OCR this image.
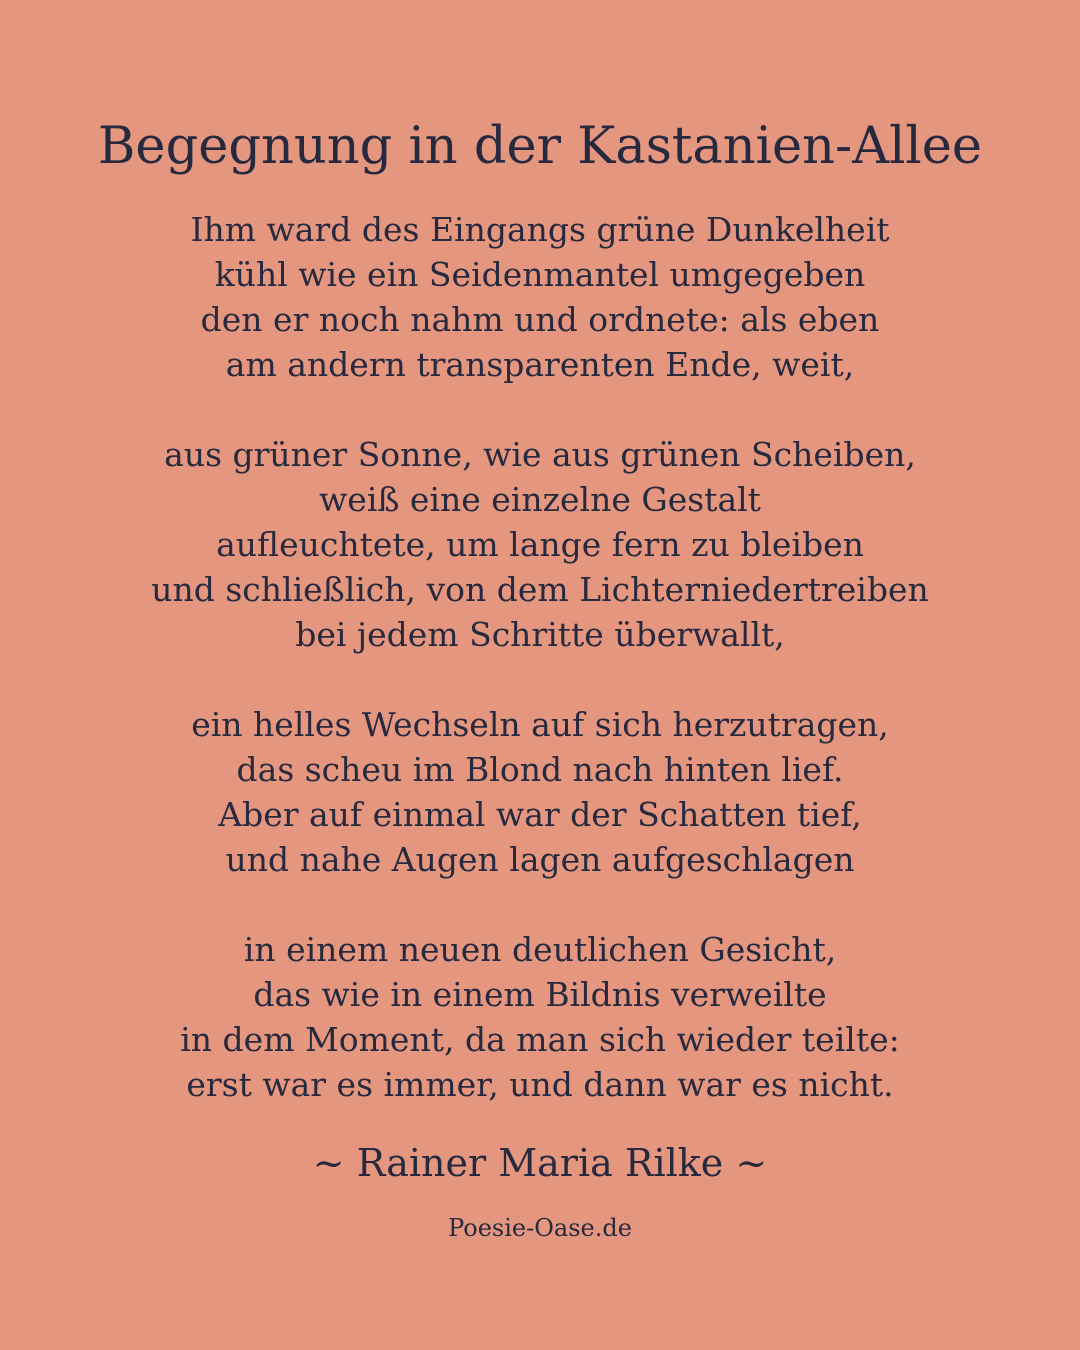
Begegnung in der Kastanien-Allee
Ihm ward des Eingangs grüne Dunkelheit
kühl wie ein Seidenmantel umgegeben
den er noch nahm und ordnete: als eben
am andern transparenten Ende, weit,
aus grüner Sonne, wie aus grünen Scheiben,
weiß eine einzelne Gestalt
aufleuchtete, um lange fern zu bleiben
und schließlich, von dem Lichterniedertreiben
bei jedem Schritte überwallt,
ein helles Wechseln auf sich herzutragen,
das scheu im Blond nach hinten lief.
Aber auf einmal war der Schatten tief,
und nahe Augen lagen aufgeschlagen
in einem neuen deutlichen Gesicht,
das wie in einem Bildnis verweilte
in dem Moment, da man sich wieder teilte:
erst war es immer, und dann war es nicht.
~ Rainer Maria Rilke ~
Poesie-Oase.de
